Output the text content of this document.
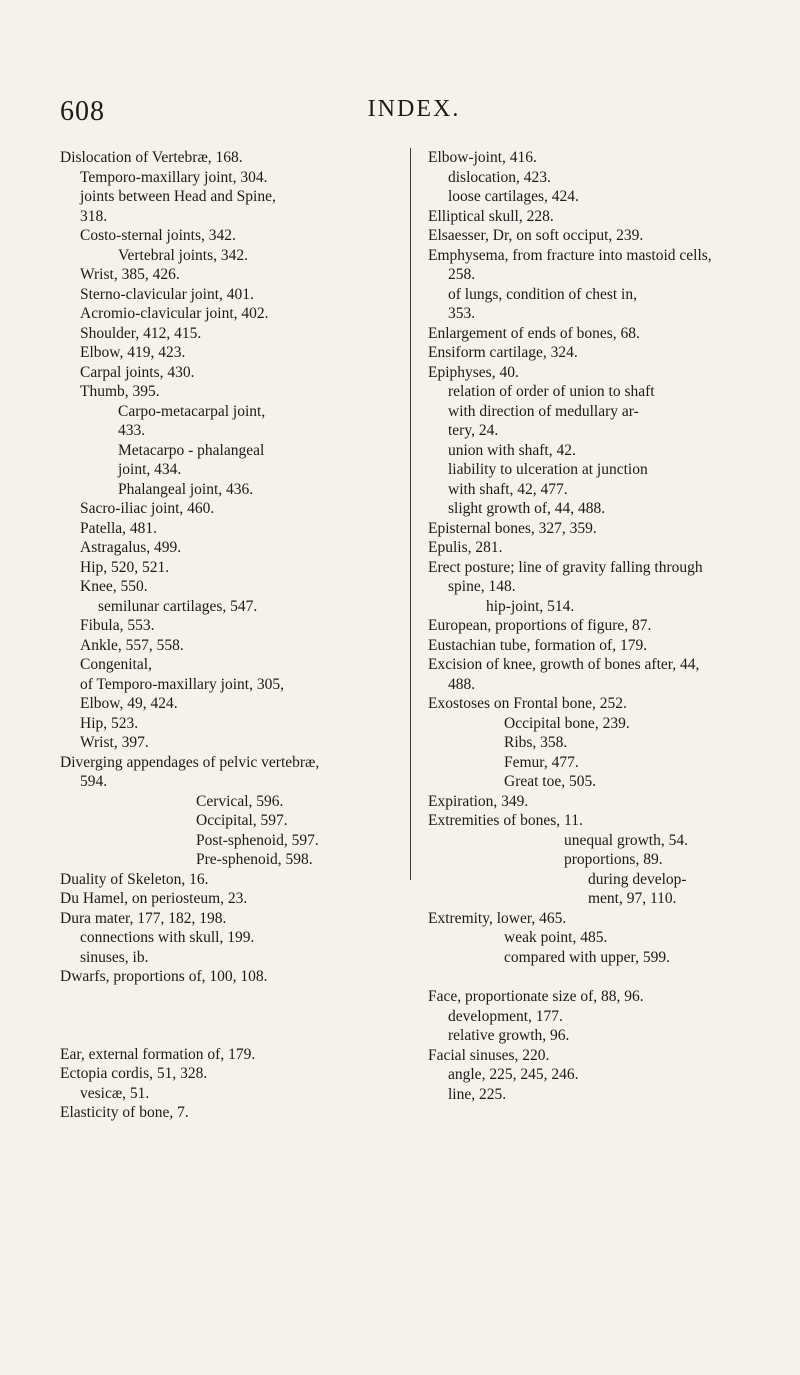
608	INDEX.
Dislocation of Vertebræ, 168.
Temporo-maxillary joint, 304.
joints between Head and Spine,
318.
Costo-sternal joints, 342.
Vertebral joints, 342.
Wrist, 385, 426.
Sterno-clavicular joint, 401.
Acromio-clavicular joint, 402.
Shoulder, 412, 415.
Elbow, 419, 423.
Carpal joints, 430.
Thumb, 395.
Carpo-metacarpal joint,
433.
Metacarpo - phalangeal
joint, 434.
Phalangeal joint, 436.
Sacro-iliac joint, 460.
Patella, 481.
Astragalus, 499.
Hip, 520, 521.
Knee, 550.
semilunar cartilages, 547.
Fibula, 553.
Ankle, 557, 558.
Congenital,
of Temporo-maxillary joint, 305,
Elbow, 49, 424.
Hip, 523.
Wrist, 397.
Diverging appendages of pelvic vertebræ,
594.
Cervical, 596.
Occipital, 597.
Post-sphenoid, 597.
Pre-sphenoid, 598.
Duality of Skeleton, 16.
Du Hamel, on periosteum, 23.
Dura mater, 177, 182, 198.
connections with skull, 199.
sinuses, ib.
Dwarfs, proportions of, 100, 108.
Ear, external formation of, 179.
Ectopia cordis, 51, 328.
vesicæ, 51.
Elasticity of bone, 7.
Elbow-joint, 416.
dislocation, 423.
loose cartilages, 424.
Elliptical skull, 228.
Elsaesser, Dr, on soft occiput, 239.
Emphysema, from fracture into mastoid cells,
258.
of lungs, condition of chest in,
353.
Enlargement of ends of bones, 68.
Ensiform cartilage, 324.
Epiphyses, 40.
relation of order of union to shaft
with direction of medullary ar-
tery, 24.
union with shaft, 42.
liability to ulceration at junction
with shaft, 42, 477.
slight growth of, 44, 488.
Episternal bones, 327, 359.
Epulis, 281.
Erect posture; line of gravity falling through
spine, 148.
hip-joint, 514.
European, proportions of figure, 87.
Eustachian tube, formation of, 179.
Excision of knee, growth of bones after, 44,
488.
Exostoses on Frontal bone, 252.
Occipital bone, 239.
Ribs, 358.
Femur, 477.
Great toe, 505.
Expiration, 349.
Extremities of bones, 11.
unequal growth, 54.
proportions, 89.
during develop-
ment, 97, 110.
Extremity, lower, 465.
weak point, 485.
compared with upper, 599.
Face, proportionate size of, 88, 96.
development, 177.
relative growth, 96.
Facial sinuses, 220.
angle, 225, 245, 246.
line, 225.
